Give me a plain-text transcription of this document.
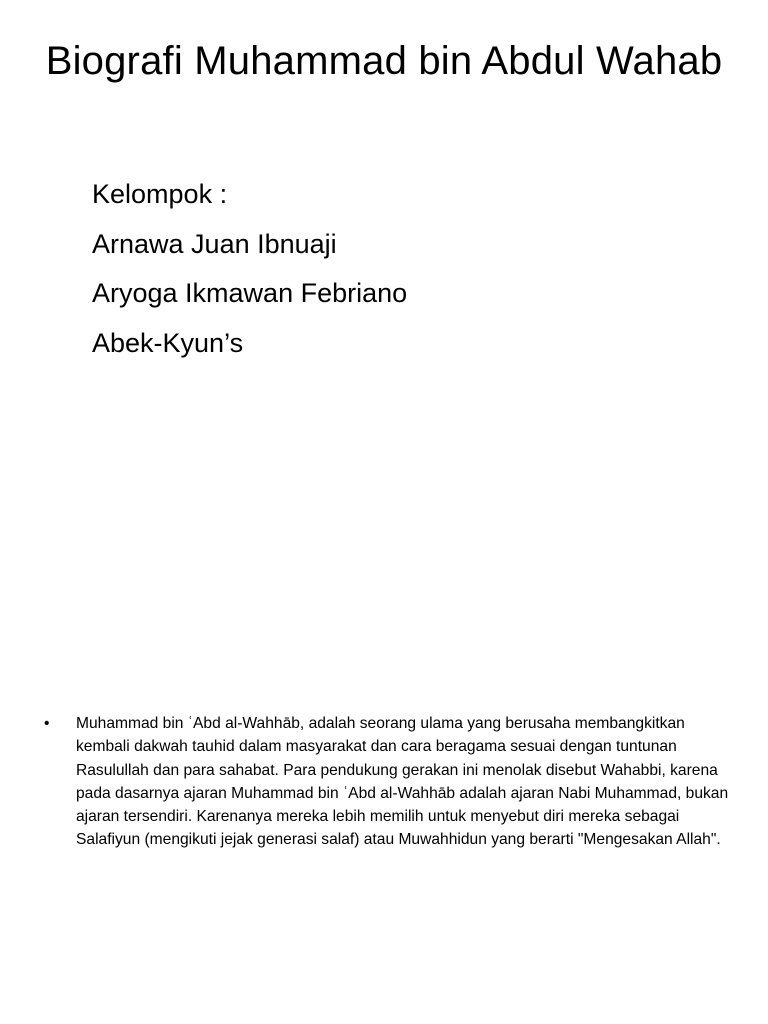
Biografi Muhammad bin Abdul Wahab
Kelompok :
Arnawa Juan Ibnuaji
Aryoga Ikmawan Febriano
Abek-Kyun’s
• Muhammad bin ʿAbd al-Wahhāb, adalah seorang ulama yang berusaha membangkitkan kembali dakwah tauhid dalam masyarakat dan cara beragama sesuai dengan tuntunan Rasulullah dan para sahabat. Para pendukung gerakan ini menolak disebut Wahabbi, karena pada dasarnya ajaran Muhammad bin ʿAbd al-Wahhāb adalah ajaran Nabi Muhammad, bukan ajaran tersendiri. Karenanya mereka lebih memilih untuk menyebut diri mereka sebagai Salafiyun (mengikuti jejak generasi salaf) atau Muwahhidun yang berarti "Mengesakan Allah".
